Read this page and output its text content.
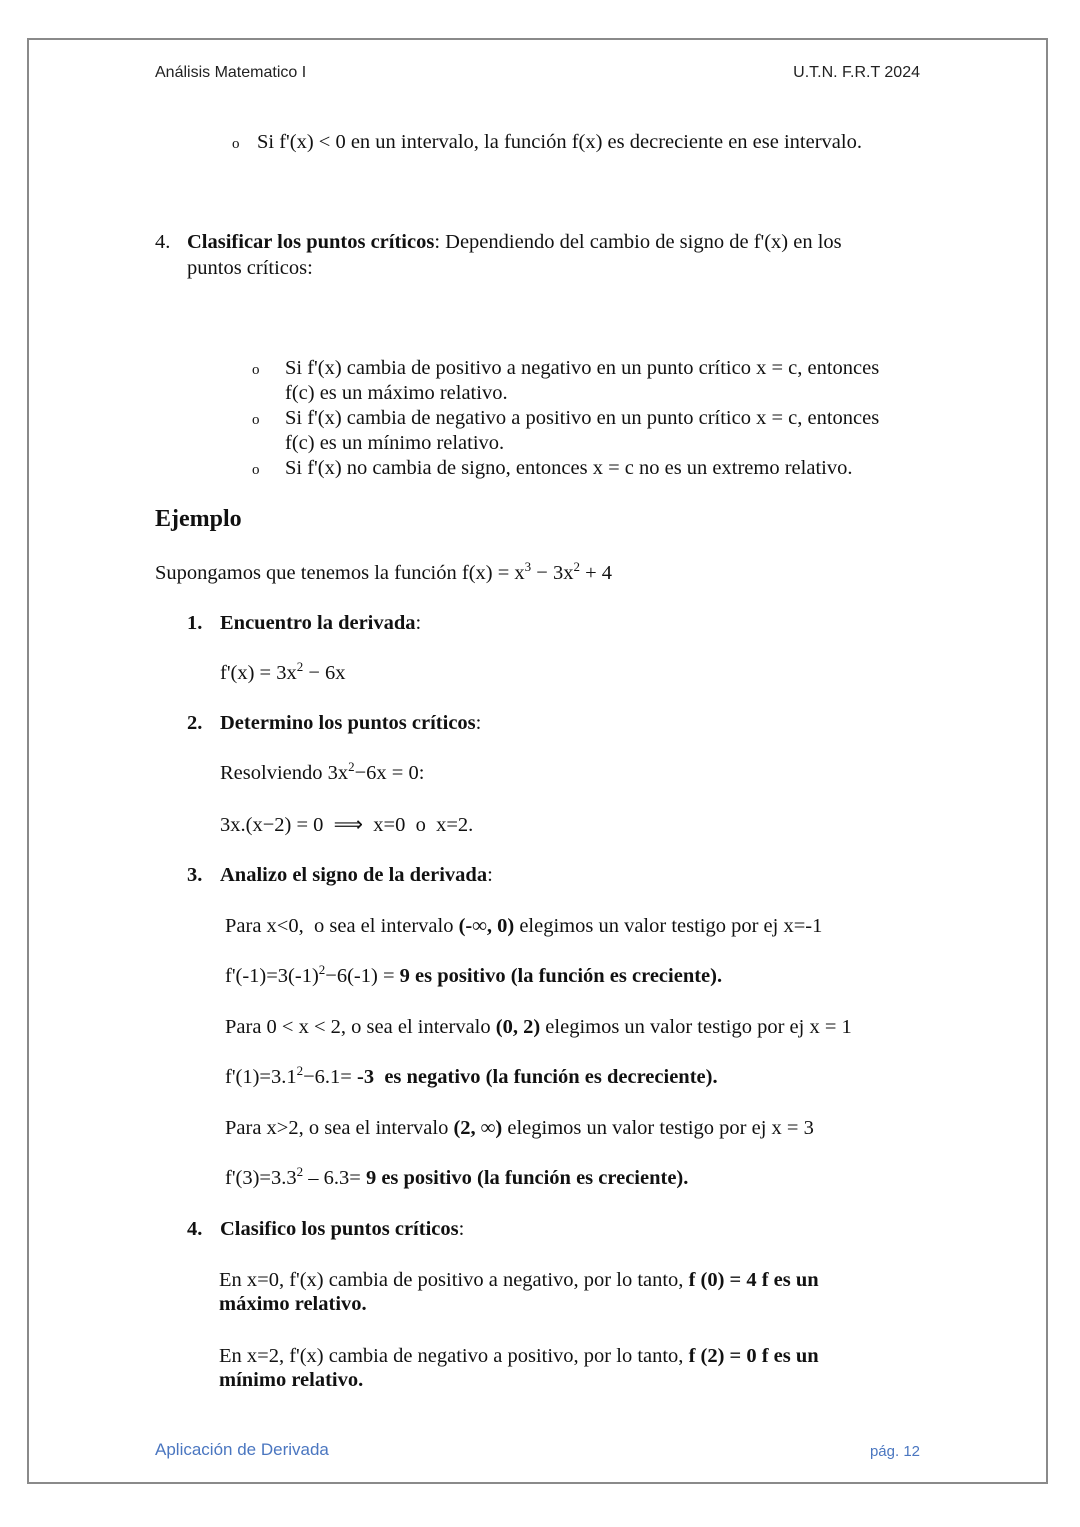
Análisis Matematico I	U.T.N. F.R.T 2024
o Si f'(x) < 0 en un intervalo, la función f(x) es decreciente en ese intervalo.
4. Clasificar los puntos críticos: Dependiendo del cambio de signo de f'(x) en los
puntos críticos:
o Si f'(x) cambia de positivo a negativo en un punto crítico x = c, entonces
f(c) es un máximo relativo.
o Si f'(x) cambia de negativo a positivo en un punto crítico x = c, entonces
f(c) es un mínimo relativo.
o Si f'(x) no cambia de signo, entonces x = c no es un extremo relativo.
Ejemplo
Supongamos que tenemos la función $f(x) = x^3 - 3x^2 + 4$
1. Encuentro la derivada:
$f'(x) = 3x^2 - 6x$
2. Determino los puntos críticos:
Resolviendo $3x^2-6x = 0$:
3x.(x−2) = 0  ⟹  x=0  o  x=2.
3. Analizo el signo de la derivada:
Para x<0,  o sea el intervalo (-∞, 0) elegimos un valor testigo por ej x=-1
$f'(-1)=3(-1)^2-6(-1) = 9$ es positivo (la función es creciente).
Para 0 < x < 2, o sea el intervalo (0, 2) elegimos un valor testigo por ej x = 1
$f'(1)=3.1^2-6.1= -3$  es negativo (la función es decreciente).
Para x>2, o sea el intervalo (2, ∞) elegimos un valor testigo por ej x = 3
$f'(3)=3.3^2 - 6.3= 9$ es positivo (la función es creciente).
4. Clasifico los puntos críticos:
En x=0, f'(x) cambia de positivo a negativo, por lo tanto, f (0) = 4 f es un
máximo relativo.
En x=2, f'(x) cambia de negativo a positivo, por lo tanto, f (2) = 0 f es un
mínimo relativo.
Aplicación de Derivada	pág. 12
